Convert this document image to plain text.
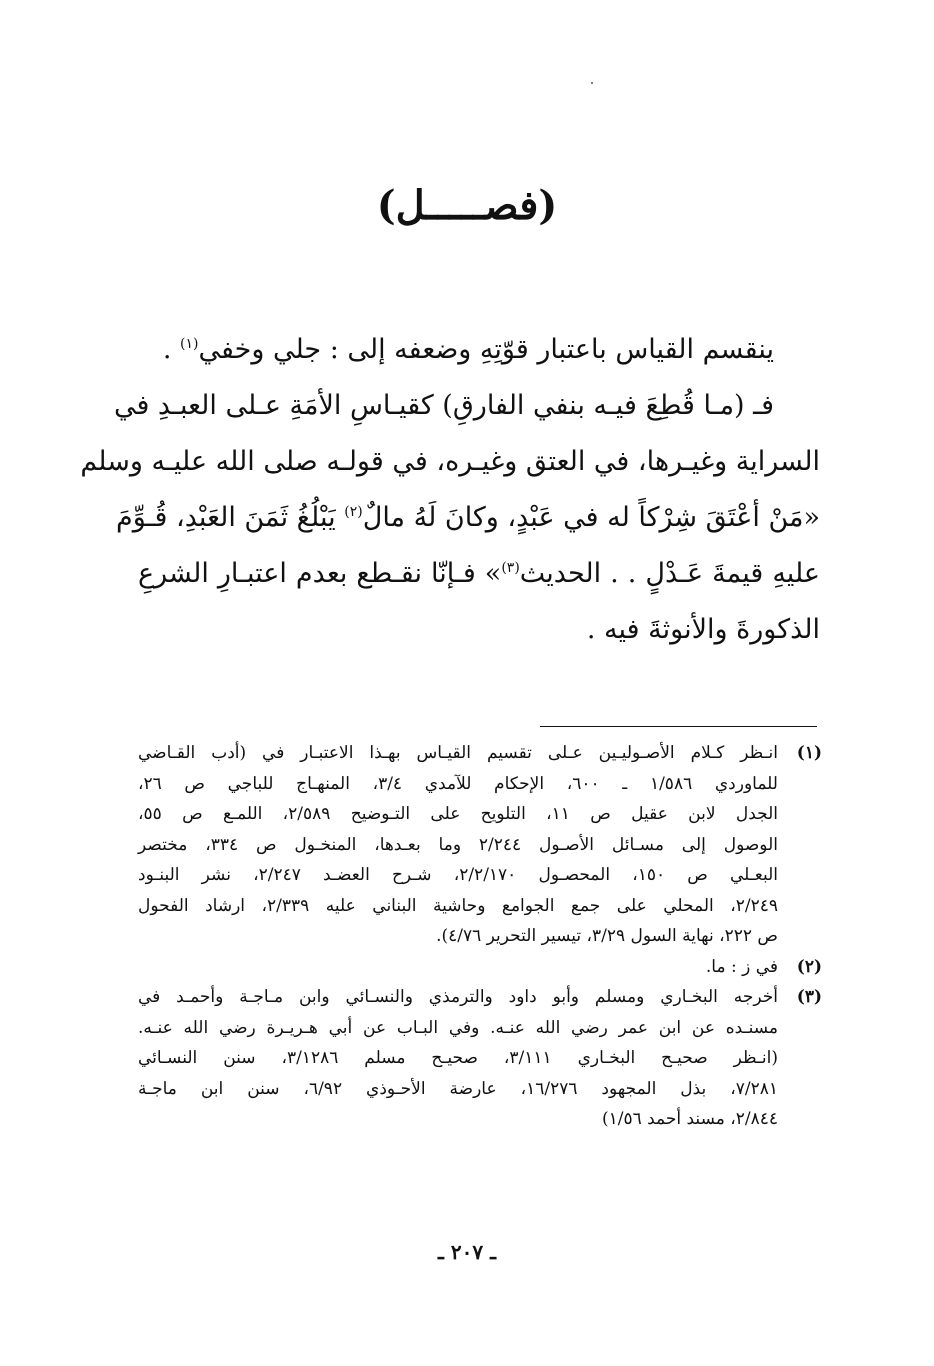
(فصـــــل)

ينقسم القياس باعتبار قوّتِهِ وضعفه إلى : جلي وخفي$^{(١)}$ .

فـ (مـا قُطِعَ فيـه بنفي الفارقِ) كقيـاسِ الأمَةِ عـلى العبـدِ في
السراية وغيـرها، في العتق وغيـره، في قولـه صلى الله عليـه وسلم
«مَنْ أعْتَقَ شِرْكاً له في عَبْدٍ، وكانَ لَهُ مالٌ$^{(٢)}$ يَبْلُغُ ثَمَنَ العَبْدِ، قُـوِّمَ
عليهِ قيمةَ عَـدْلٍ . . الحديث$^{(٣)}$» فـإنّا نقـطع بعدم اعتبـارِ الشرعِ
الذكورةَ والأنوثةَ فيه .

(١)
انـظر كـلام الأصـوليـين عـلى تقسيم القيـاس بهـذا الاعتبـار في (أدب القـاضي
للماوردي ١/٥٨٦ ـ ٦٠٠، الإحكام للآمدي ٣/٤، المنهـاج للباجي ص ٢٦،
الجدل لابن عقيل ص ١١، التلويح على التـوضيح ٢/٥٨٩، اللمـع ص ٥٥،
الوصول إلى مسـائل الأصـول ٢/٢٤٤ وما بعـدها، المنخـول ص ٣٣٤، مختصر
البعـلي ص ١٥٠، المحصـول ٢/٢/١٧٠، شـرح العضـد ٢/٢٤٧، نشر البنـود
٢/٢٤٩، المحلي على جمع الجوامع وحاشية البناني عليه ٢/٣٣٩، ارشاد الفحول
ص ٢٢٢، نهاية السول ٣/٢٩، تيسير التحرير ٤/٧٦).
(٢)
في ز : ما.
(٣)
أخرجه البخـاري ومسلم وأبو داود والترمذي والنسـائي وابن مـاجـة وأحمـد في
مسنـده عن ابن عمر رضي الله عنـه. وفي البـاب عن أبي هـريـرة رضي الله عنـه.
(انـظر صحيـح البخـاري ٣/١١١، صحيـح مسلم ٣/١٢٨٦، سنن النسـائي
٧/٢٨١، بذل المجهود ١٦/٢٧٦، عارضة الأحـوذي ٦/٩٢، سنن ابن ماجـة
٢/٨٤٤، مسند أحمد ١/٥٦)
ـ ٢٠٧ ـ
